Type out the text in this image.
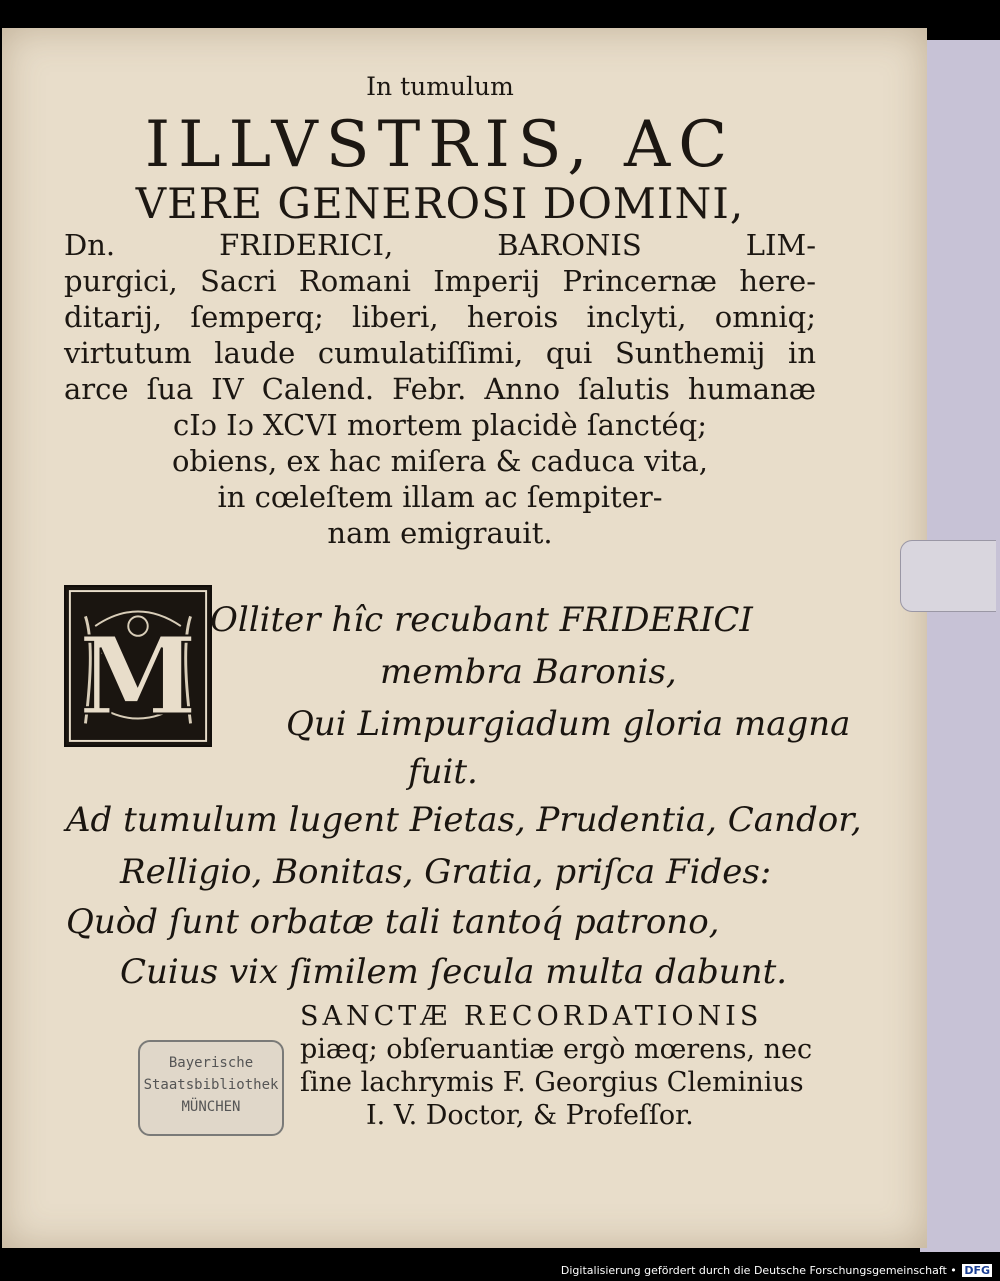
In tumulum
ILLVSTRIS, AC
VERE GENEROSI DOMINI,
Dn. FRIDERICI, BARONIS LIM-
purgici, Sacri Romani Imperij Princernæ here-
ditarij, ſemperq; liberi, herois inclyti, omniq;
virtutum laude cumulatiſſimi, qui Sunthemij in
arce ſua IV Calend. Febr. Anno ſalutis humanæ
cIɔ Iɔ XCVI mortem placidè ſanctéq;
obiens, ex hac miſera & caduca vita,
in cœleſtem illam ac ſempiter-
nam emigrauit.
M Olliter hîc recubant FRIDERICI
membra Baronis,
Qui Limpurgiadum gloria magna
fuit.
Ad tumulum lugent Pietas, Prudentia, Candor,
Relligio, Bonitas, Gratia, priſca Fides:
Quòd ſunt orbatæ tali tantoq́ patrono,
Cuius vix ſimilem ſecula multa dabunt.
SANCTÆ RECORDATIONIS
piæq; obſeruantiæ ergò mœrens, nec
ſine lachrymis F. Georgius Cleminius
I. V. Doctor, & Profeſſor.
Bayerische
Staatsbibliothek
MÜNCHEN
Digitalisierung gefördert durch die Deutsche Forschungsgemeinschaft • DFG
